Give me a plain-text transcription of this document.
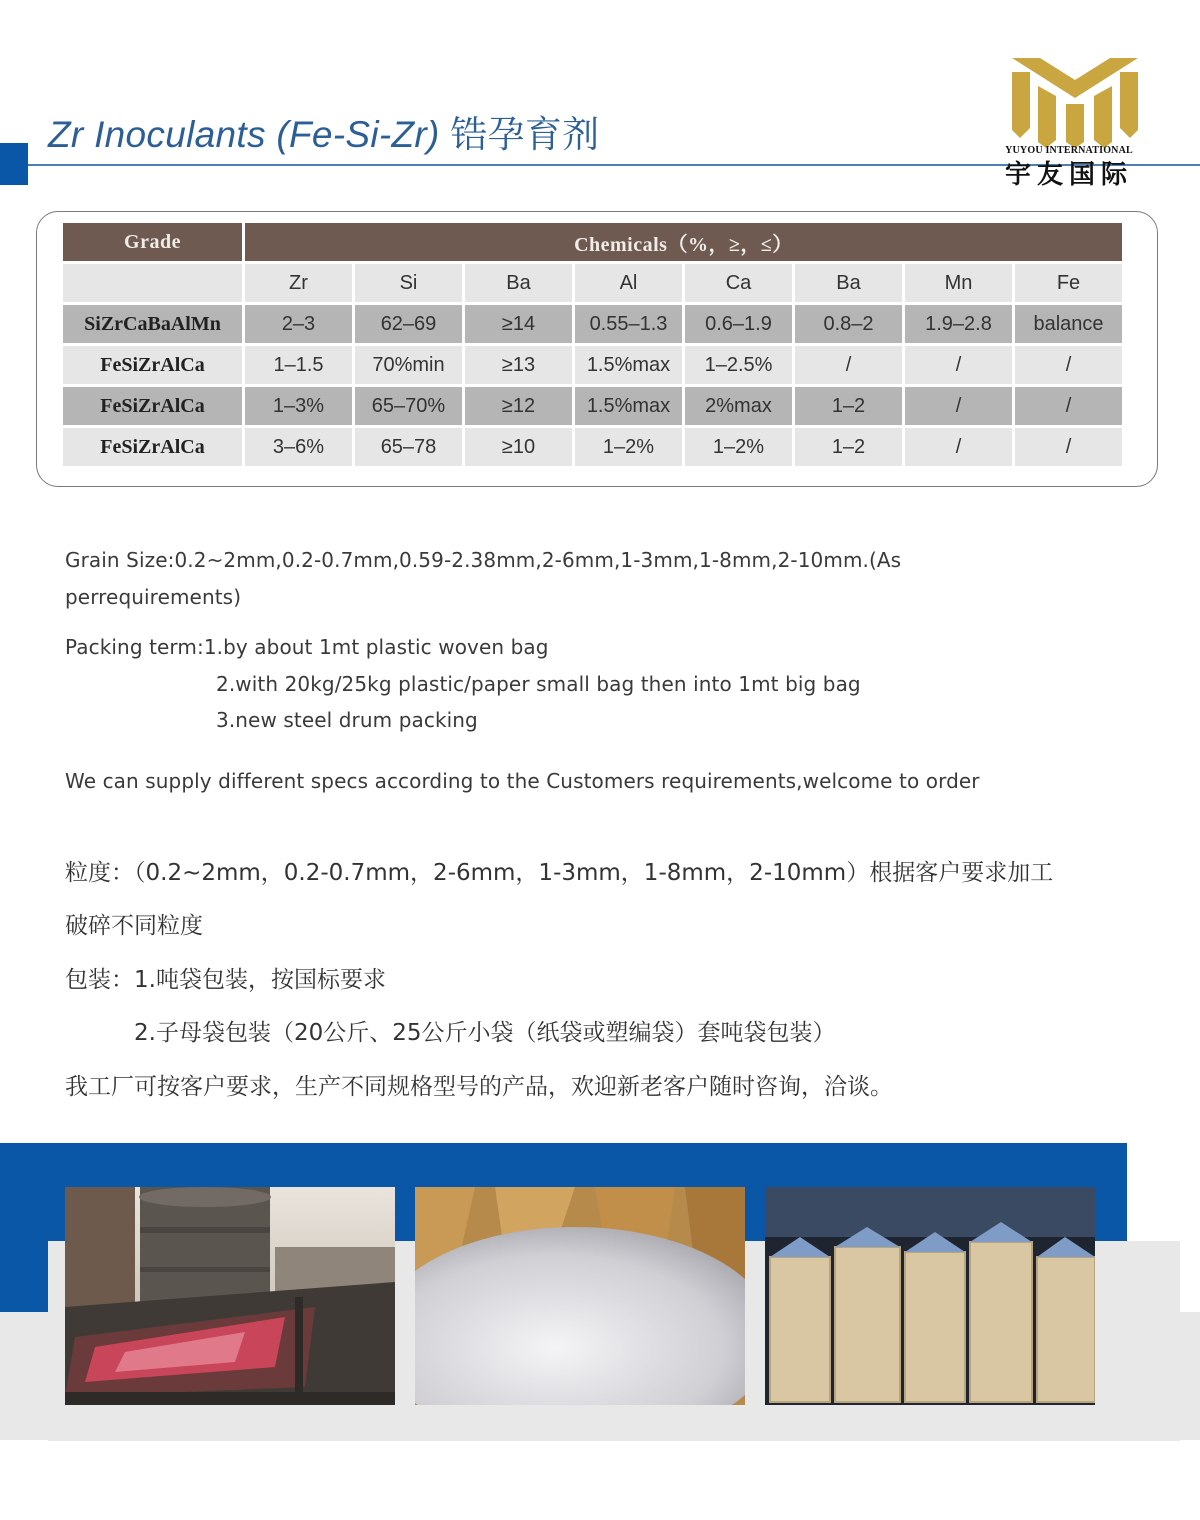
Zr Inoculants (Fe-Si-Zr) 锆孕育剂	YUYOU INTERNATIONAL
宇友国际
Grade	Chemicals（%，≥，≤）							
	Zr	Si	Ba	Al	Ca	Ba	Mn	Fe
SiZrCaBaAlMn	2–3	62–69	≥14	0.55–1.3	0.6–1.9	0.8–2	1.9–2.8	balance
FeSiZrAlCa	1–1.5	70%min	≥13	1.5%max	1–2.5%	/	/	/
FeSiZrAlCa	1–3%	65–70%	≥12	1.5%max	2%max	1–2	/	/
FeSiZrAlCa	3–6%	65–78	≥10	1–2%	1–2%	1–2	/	/
Grain Size:0.2~2mm,0.2-0.7mm,0.59-2.38mm,2-6mm,1-3mm,1-8mm,2-10mm.(As
perrequirements)
Packing term:1.by about 1mt plastic woven bag
2.with 20kg/25kg plastic/paper small bag then into 1mt big bag
3.new steel drum packing
We can supply different specs according to the Customers requirements,welcome to order
粒度：（0.2~2mm，0.2-0.7mm，2-6mm，1-3mm，1-8mm，2-10mm）根据客户要求加工
破碎不同粒度
包装：1.吨袋包装，按国标要求
2.子母袋包装（20公斤、25公斤小袋（纸袋或塑编袋）套吨袋包装）
我工厂可按客户要求，生产不同规格型号的产品，欢迎新老客户随时咨询，洽谈。
